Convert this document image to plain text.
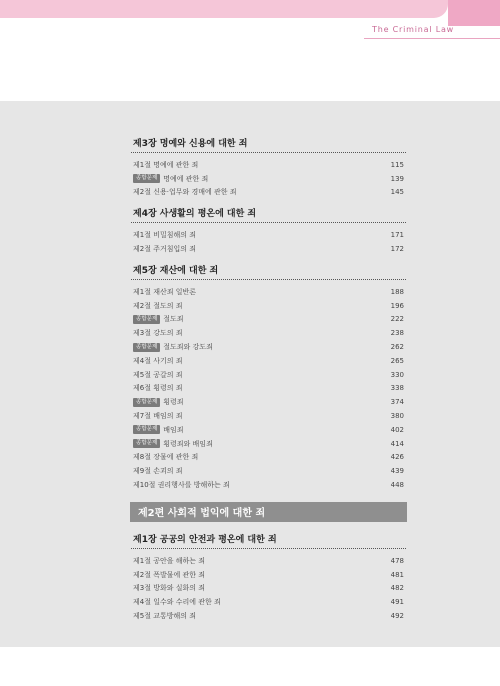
The Criminal Law
제3장 명예와 신용에 대한 죄
제1절 명예에 관한 죄	115
종합문제 명예에 관한 죄	139
제2절 신용·업무와 경매에 관한 죄	145
제4장 사생활의 평온에 대한 죄
제1절 비밀침해의 죄	171
제2절 주거침입의 죄	172
제5장 재산에 대한 죄
제1절 재산죄 일반론	188
제2절 절도의 죄	196
종합문제 절도죄	222
제3절 강도의 죄	238
종합문제 절도죄와 강도죄	262
제4절 사기의 죄	265
제5절 공갈의 죄	330
제6절 횡령의 죄	338
종합문제 횡령죄	374
제7절 배임의 죄	380
종합문제 배임죄	402
종합문제 횡령죄와 배임죄	414
제8절 장물에 관한 죄	426
제9절 손괴의 죄	439
제10절 권리행사를 방해하는 죄	448
제2편 사회적 법익에 대한 죄
제1장 공공의 안전과 평온에 대한 죄
제1절 공안을 해하는 죄	478
제2절 폭발물에 관한 죄	481
제3절 방화와 실화의 죄	482
제4절 일수와 수리에 관한 죄	491
제5절 교통방해의 죄	492
